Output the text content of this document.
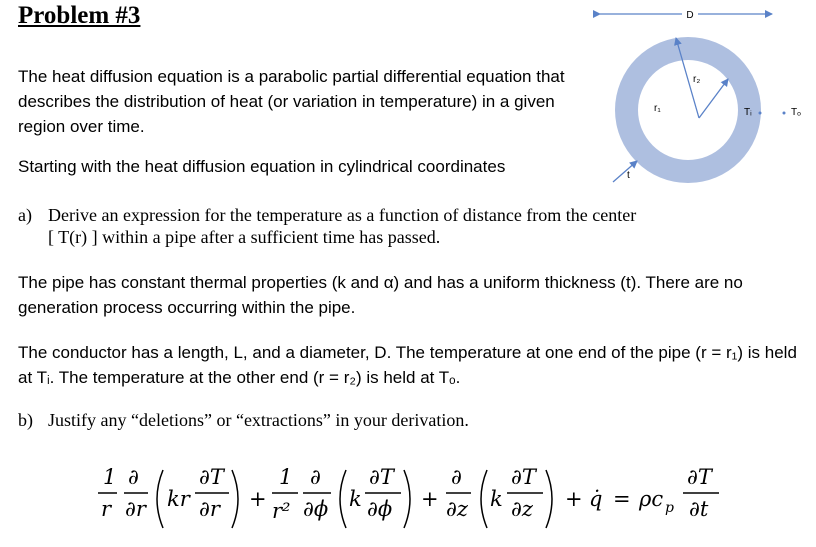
Problem #3
The heat diffusion equation is a parabolic partial differential equation that describes the distribution of heat (or variation in temperature) in a given region over time.
Starting with the heat diffusion equation in cylindrical coordinates
a) Derive an expression for the temperature as a function of distance from the center
[ T(r) ] within a pipe after a sufficient time has passed.
The pipe has constant thermal properties (k and α) and has a uniform thickness (t). There are no generation process occurring within the pipe.
The conductor has a length, L, and a diameter, D. The temperature at one end of the pipe (r = r₁) is held at Tᵢ. The temperature at the other end (r = r₂) is held at Tₒ.
b) Justify any “deletions” or “extractions” in your derivation.
D
r₂
r₁	Tᵢ	Tₒ
t
1
r
∂
∂r kr
∂T
∂r +
1
r²
∂
∂ϕ k
∂T
∂ϕ +
∂
∂z k
∂T
∂z + q̇ = ρc p
∂T
∂t
